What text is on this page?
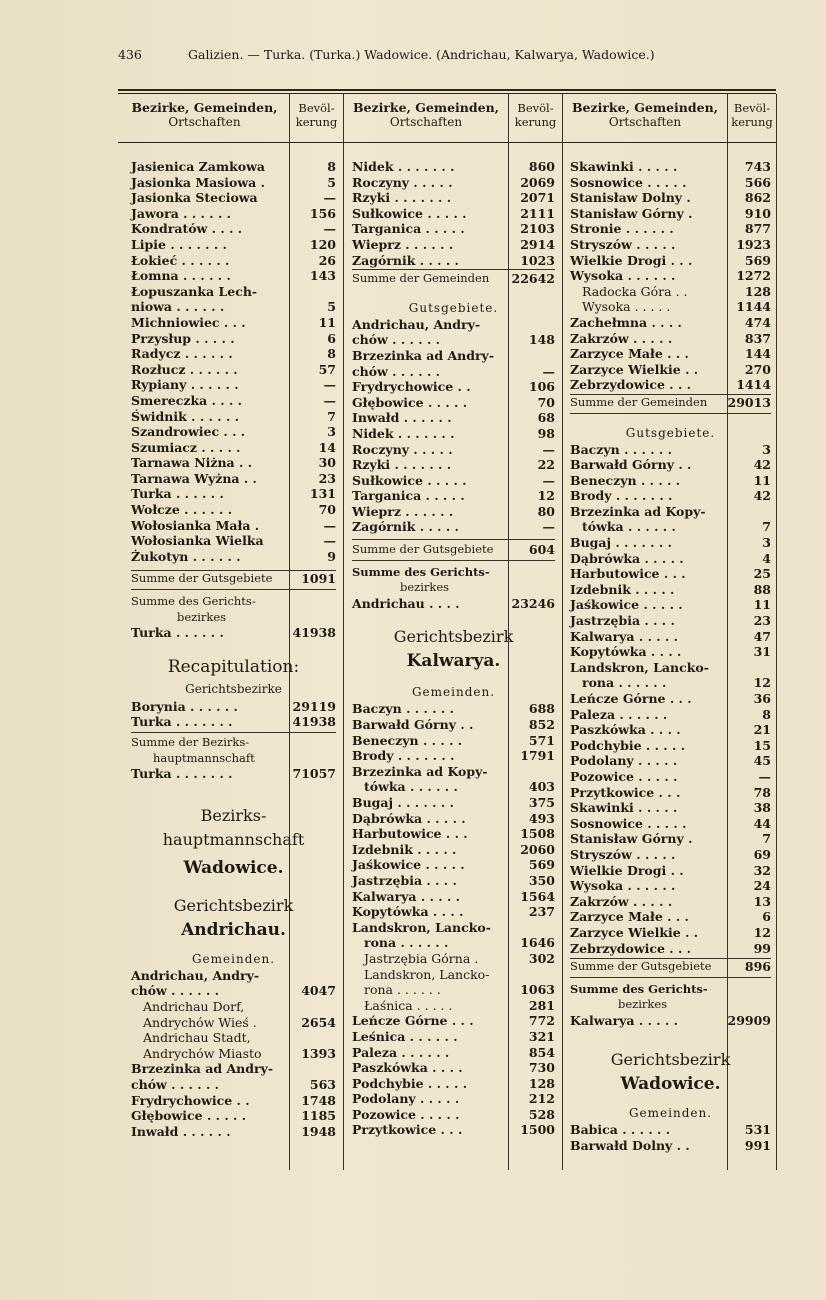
436	Galizien. — Turka. (Turka.) Wadowice. (Andrichau, Kalwarya, Wadowice.)
Bezirke, Gemeinden,
Ortschaften
Bevöl-
kerung
Bezirke, Gemeinden,
Ortschaften
Bevöl-
kerung
Bezirke, Gemeinden,
Ortschaften
Bevöl-
kerung
Jasienica Zamkowa	8
Jasionka Masiowa .	5
Jasionka Steciowa	—
Jawora . . . . . .	156
Kondratów . . . .	—
Lipie . . . . . . .	120
Łokieć . . . . . .	26
Łomna . . . . . .	143
Łopuszanka Lech-
niowa . . . . . .	5
Michniowiec . . .	11
Przysłup . . . . .	6
Radycz . . . . . .	8
Rozłucz . . . . . .	57
Rypiany . . . . . .	—
Smereczka . . . .	—
Świdnik . . . . . .	7
Szandrowiec . . .	3
Szumiacz . . . . .	14
Tarnawa Niżna . .	30
Tarnawa Wyżna . .	23
Turka . . . . . .	131
Wołcze . . . . . .	70
Wołosianka Mała .	—
Wołosianka Wielka	—
Żukotyn . . . . . .	9
Summe der Gutsgebiete 1091
Summe des Gerichts-
bezirkes
Turka . . . . . .	41938
Recapitulation:
Gerichtsbezirke
Borynia . . . . . .	29119
Turka . . . . . . .	41938
Summe der Bezirks-
hauptmannschaft
Turka . . . . . . .	71057
Bezirks-
hauptmannschaft
Wadowice.
Gerichtsbezirk
Andrichau.
Gemeinden.
Andrichau, Andry-
chów . . . . . .	4047
Andrichau Dorf,
Andrychów Wieś .	2654
Andrichau Stadt,
Andrychów Miasto	1393
Brzezinka ad Andry-
chów . . . . . .	563
Frydrychowice . .	1748
Głębowice . . . . .	1185
Inwałd . . . . . .	1948
Nidek . . . . . . .	860
Roczyny . . . . .	2069
Rzyki . . . . . . .	2071
Sułkowice . . . . .	2111
Targanica . . . . .	2103
Wieprz . . . . . .	2914
Zagórnik . . . . .	1023
Summe der Gemeinden 22642
Gutsgebiete.
Andrichau, Andry-
chów . . . . . .	148
Brzezinka ad Andry-
chów . . . . . .	—
Frydrychowice . .	106
Głębowice . . . . .	70
Inwałd . . . . . .	68
Nidek . . . . . . .	98
Roczyny . . . . .	—
Rzyki . . . . . . .	22
Sułkowice . . . . .	—
Targanica . . . . .	12
Wieprz . . . . . .	80
Zagórnik . . . . .	—
Summe der Gutsgebiete	604
Summe des Gerichts-
bezirkes
Andrichau . . . .	23246
Gerichtsbezirk
Kalwarya.
Gemeinden.
Baczyn . . . . . .	688
Barwałd Górny . .	852
Beneczyn . . . . .	571
Brody . . . . . . .	1791
Brzezinka ad Kopy-
tówka . . . . . .	403
Bugaj . . . . . . .	375
Dąbrówka . . . . .	493
Harbutowice . . .	1508
Izdebnik . . . . .	2060
Jaśkowice . . . . .	569
Jastrzębia . . . .	350
Kalwarya . . . . .	1564
Kopytówka . . . .	237
Landskron, Lancko-
rona . . . . . .	1646
Jastrzębia Górna .	302
Landskron, Lancko-
rona . . . . . .	1063
Łaśnica . . . . .	281
Leńcze Górne . . .	772
Leśnica . . . . . .	321
Paleza . . . . . .	854
Paszkówka . . . .	730
Podchybie . . . . .	128
Podolany . . . . .	212
Pozowice . . . . .	528
Przytkowice . . .	1500
Skawinki . . . . .	743
Sosnowice . . . . .	566
Stanisław Dolny .	862
Stanisław Górny .	910
Stronie . . . . . .	877
Stryszów . . . . .	1923
Wielkie Drogi . . .	569
Wysoka . . . . . .	1272
Radocka Góra . .	128
Wysoka . . . . .	1144
Zachełmna . . . .	474
Zakrzów . . . . .	837
Zarzyce Małe . . .	144
Zarzyce Wielkie . .	270
Zebrzydowice . . .	1414
Summe der Gemeinden 29013
Gutsgebiete.
Baczyn . . . . . .	3
Barwałd Górny . .	42
Beneczyn . . . . .	11
Brody . . . . . . .	42
Brzezinka ad Kopy-
tówka . . . . . .	7
Bugaj . . . . . . .	3
Dąbrówka . . . . .	4
Harbutowice . . .	25
Izdebnik . . . . .	88
Jaśkowice . . . . .	11
Jastrzębia . . . .	23
Kalwarya . . . . .	47
Kopytówka . . . .	31
Landskron, Lancko-
rona . . . . . .	12
Leńcze Górne . . .	36
Paleza . . . . . .	8
Paszkówka . . . .	21
Podchybie . . . . .	15
Podolany . . . . .	45
Pozowice . . . . .	—
Przytkowice . . .	78
Skawinki . . . . .	38
Sosnowice . . . . .	44
Stanisław Górny .	7
Stryszów . . . . .	69
Wielkie Drogi . .	32
Wysoka . . . . . .	24
Zakrzów . . . . .	13
Zarzyce Małe . . .	6
Zarzyce Wielkie . .	12
Zebrzydowice . . .	99
Summe der Gutsgebiete	896
Summe des Gerichts-
bezirkes
Kalwarya . . . . .	29909
Gerichtsbezirk
Wadowice.
Gemeinden.
Babica . . . . . .	531
Barwałd Dolny . .	991
